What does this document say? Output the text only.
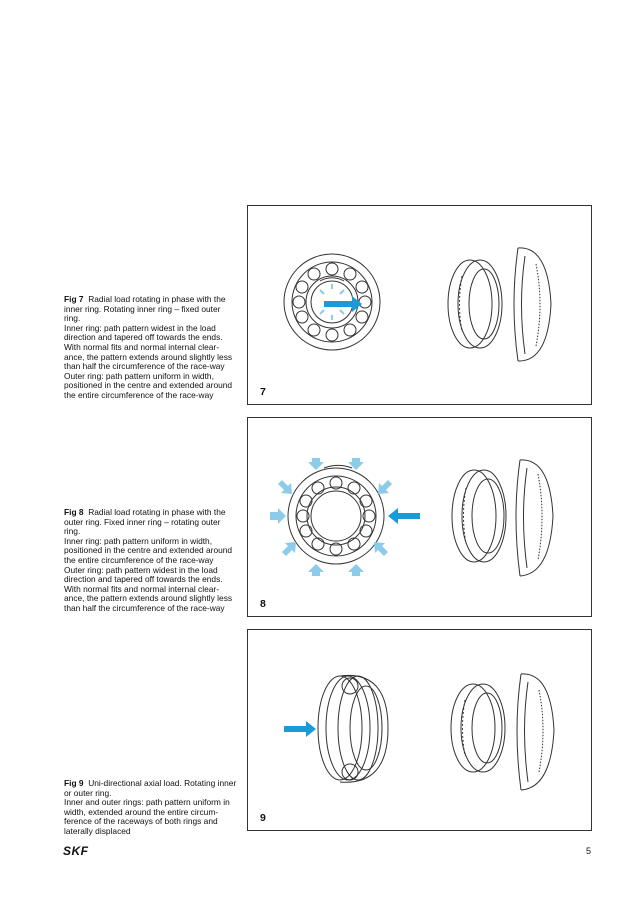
Fig 7 Radial load rotating in phase with the inner ring. Rotating inner ring – fixed outer ring.
Inner ring: path pattern widest in the load direction and tapered off towards the ends. With normal fits and normal internal clear-ance, the pattern extends around slightly less than half the circumference of the race-way
Outer ring: path pattern uniform in width, positioned in the centre and extended around the entire circumference of the race-way	7
Fig 8 Radial load rotating in phase with the outer ring. Fixed inner ring – rotating outer ring.
Inner ring: path pattern uniform in width, positioned in the centre and extended around the entire circumference of the race-way
Outer ring: path pattern widest in the load direction and tapered off towards the ends. With normal fits and normal internal clear-ance, the pattern extends around slightly less than half the circumference of the race-way	8
Fig 9 Uni-directional axial load. Rotating inner or outer ring.
Inner and outer rings: path pattern uniform in width, extended around the entire circum-ference of the raceways of both rings and laterally displaced
9
SKF	5
